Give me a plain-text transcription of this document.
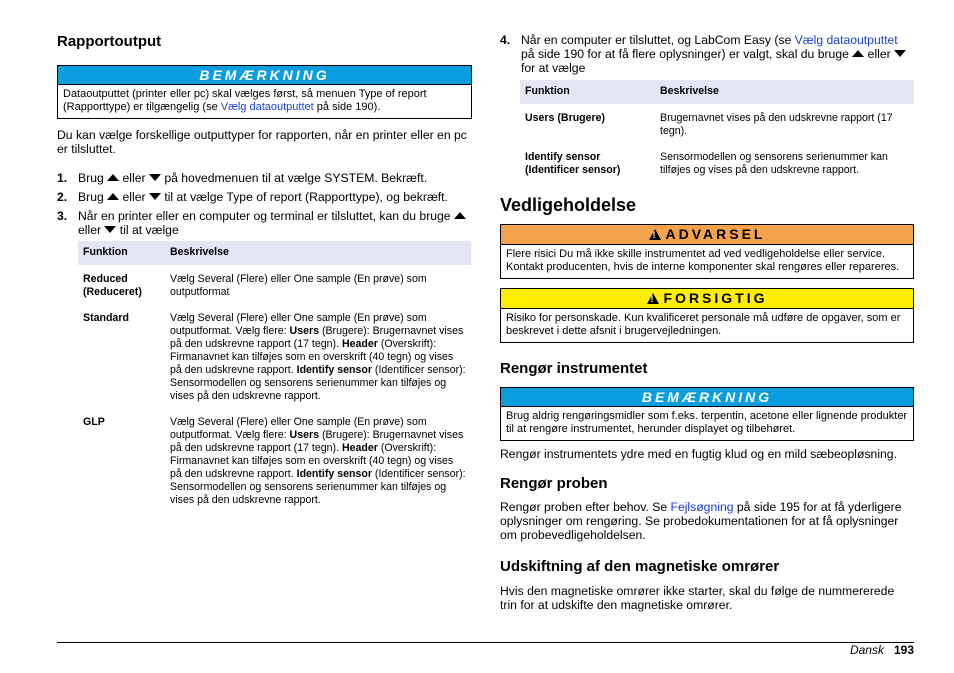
Rapportoutput
BEMÆRKNING
Dataoutputtet (printer eller pc) skal vælges først, så menuen Type of report (Rapporttype) er tilgængelig (se Vælg dataoutputtet på side 190).

Du kan vælge forskellige outputtyper for rapporten, når en printer eller en pc er tilsluttet.

1. Brug  eller  på hovedmenuen til at vælge SYSTEM. Bekræft.
2. Brug  eller  til at vælge Type of report (Rapporttype), og bekræft.
3. Når en printer eller en computer og terminal er tilsluttet, kan du bruge  eller  til at vælge
Funktion	Beskrivelse
Reduced (Reduceret)	Vælg Several (Flere) eller One sample (En prøve) som outputformat
Standard	Vælg Several (Flere) eller One sample (En prøve) som outputformat. Vælg flere: Users (Brugere): Brugernavnet vises på den udskrevne rapport (17 tegn). Header (Overskrift): Firmanavnet kan tilføjes som en overskrift (40 tegn) og vises på den udskrevne rapport. Identify sensor (Identificer sensor): Sensormodellen og sensorens serienummer kan tilføjes og vises på den udskrevne rapport.
GLP	Vælg Several (Flere) eller One sample (En prøve) som outputformat. Vælg flere: Users (Brugere): Brugernavnet vises på den udskrevne rapport (17 tegn). Header (Overskrift): Firmanavnet kan tilføjes som en overskrift (40 tegn) og vises på den udskrevne rapport. Identify sensor (Identificer sensor): Sensormodellen og sensorens serienummer kan tilføjes og vises på den udskrevne rapport.
4. Når en computer er tilsluttet, og LabCom Easy (se Vælg dataoutputtet på side 190 for at få flere oplysninger) er valgt, skal du bruge  eller  for at vælge
Funktion	Beskrivelse
Users (Brugere)	Brugernavnet vises på den udskrevne rapport (17 tegn).
Identify sensor (Identificer sensor)	Sensormodellen og sensorens serienummer kan tilføjes og vises på den udskrevne rapport.
Vedligeholdelse
!ADVARSEL
Flere risici Du må ikke skille instrumentet ad ved vedligeholdelse eller service. Kontakt producenten, hvis de interne komponenter skal rengøres eller repareres.
!FORSIGTIG
Risiko for personskade. Kun kvalificeret personale må udføre de opgaver, som er beskrevet i dette afsnit i brugervejledningen.
Rengør instrumentet
BEMÆRKNING
Brug aldrig rengøringsmidler som f.eks. terpentin, acetone eller lignende produkter til at rengøre instrumentet, herunder displayet og tilbehøret.

Rengør instrumentets ydre med en fugtig klud og en mild sæbeopløsning.

Rengør proben

Rengør proben efter behov. Se Fejlsøgning på side 195 for at få yderligere oplysninger om rengøring. Se probedokumentationen for at få oplysninger om probevedligeholdelsen.

Udskiftning af den magnetiske omrører

Hvis den magnetiske omrører ikke starter, skal du følge de nummererede trin for at udskifte den magnetiske omrører.

Dansk 193
